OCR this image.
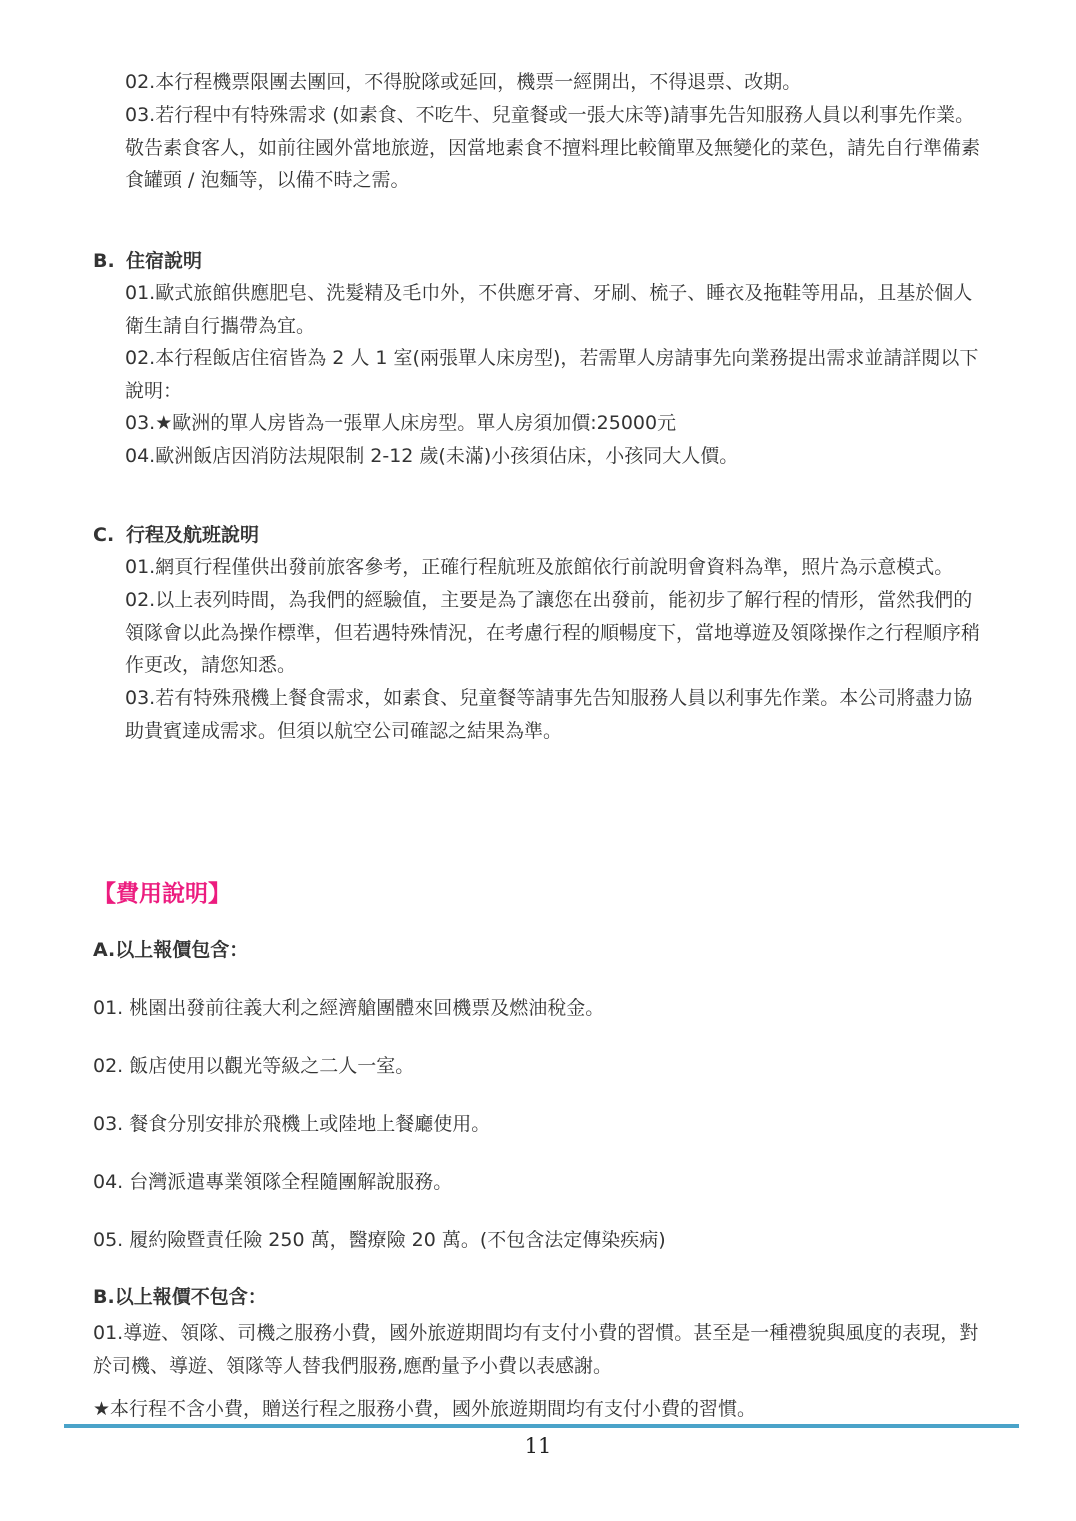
02.本行程機票限團去團回，不得脫隊或延回，機票一經開出，不得退票、改期。

03.若行程中有特殊需求 (如素食、不吃牛、兒童餐或一張大床等)請事先告知服務人員以利事先作業。敬告素食客人，如前往國外當地旅遊，因當地素食不擅料理比較簡單及無變化的菜色，請先自行準備素食罐頭 / 泡麵等，以備不時之需。

B. 住宿說明

01.歐式旅館供應肥皂、洗髮精及毛巾外，不供應牙膏、牙刷、梳子、睡衣及拖鞋等用品，且基於個人衛生請自行攜帶為宜。

02.本行程飯店住宿皆為 2 人 1 室(兩張單人床房型)，若需單人房請事先向業務提出需求並請詳閱以下說明：

03.★歐洲的單人房皆為一張單人床房型。單人房須加價:25000元

04.歐洲飯店因消防法規限制 2-12 歲(未滿)小孩須佔床，小孩同大人價。

C. 行程及航班說明

01.網頁行程僅供出發前旅客參考，正確行程航班及旅館依行前說明會資料為準，照片為示意模式。

02.以上表列時間，為我們的經驗值，主要是為了讓您在出發前，能初步了解行程的情形，當然我們的領隊會以此為操作標準，但若遇特殊情況，在考慮行程的順暢度下，當地導遊及領隊操作之行程順序稍作更改，請您知悉。

03.若有特殊飛機上餐食需求，如素食、兒童餐等請事先告知服務人員以利事先作業。本公司將盡力協助貴賓達成需求。但須以航空公司確認之結果為準。

【費用說明】

A.以上報價包含：

01. 桃園出發前往義大利之經濟艙團體來回機票及燃油稅金。

02. 飯店使用以觀光等級之二人一室。

03. 餐食分別安排於飛機上或陸地上餐廳使用。

04. 台灣派遣專業領隊全程隨團解說服務。

05. 履約險暨責任險 250 萬，醫療險 20 萬。(不包含法定傳染疾病)

B.以上報價不包含：

01.導遊、領隊、司機之服務小費，國外旅遊期間均有支付小費的習慣。甚至是一種禮貌與風度的表現，對於司機、導遊、領隊等人替我們服務,應酌量予小費以表感謝。

★本行程不含小費，贈送行程之服務小費，國外旅遊期間均有支付小費的習慣。

11
